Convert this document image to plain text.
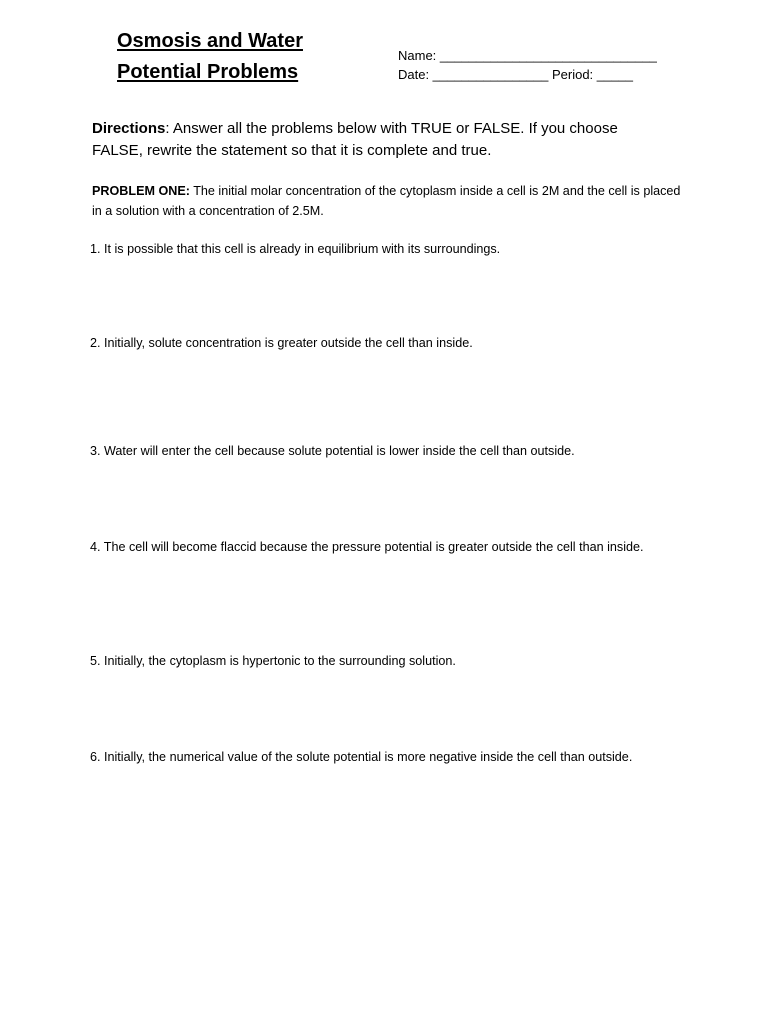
Osmosis and Water
Potential Problems
Name: ______________________________
Date: ________________ Period: _____
Directions: Answer all the problems below with TRUE or FALSE. If you choose FALSE, rewrite the statement so that it is complete and true.
PROBLEM ONE: The initial molar concentration of the cytoplasm inside a cell is 2M and the cell is placed in a solution with a concentration of 2.5M.
1. It is possible that this cell is already in equilibrium with its surroundings.
2. Initially, solute concentration is greater outside the cell than inside.
3. Water will enter the cell because solute potential is lower inside the cell than outside.
4. The cell will become flaccid because the pressure potential is greater outside the cell than inside.
5. Initially, the cytoplasm is hypertonic to the surrounding solution.
6. Initially, the numerical value of the solute potential is more negative inside the cell than outside.
